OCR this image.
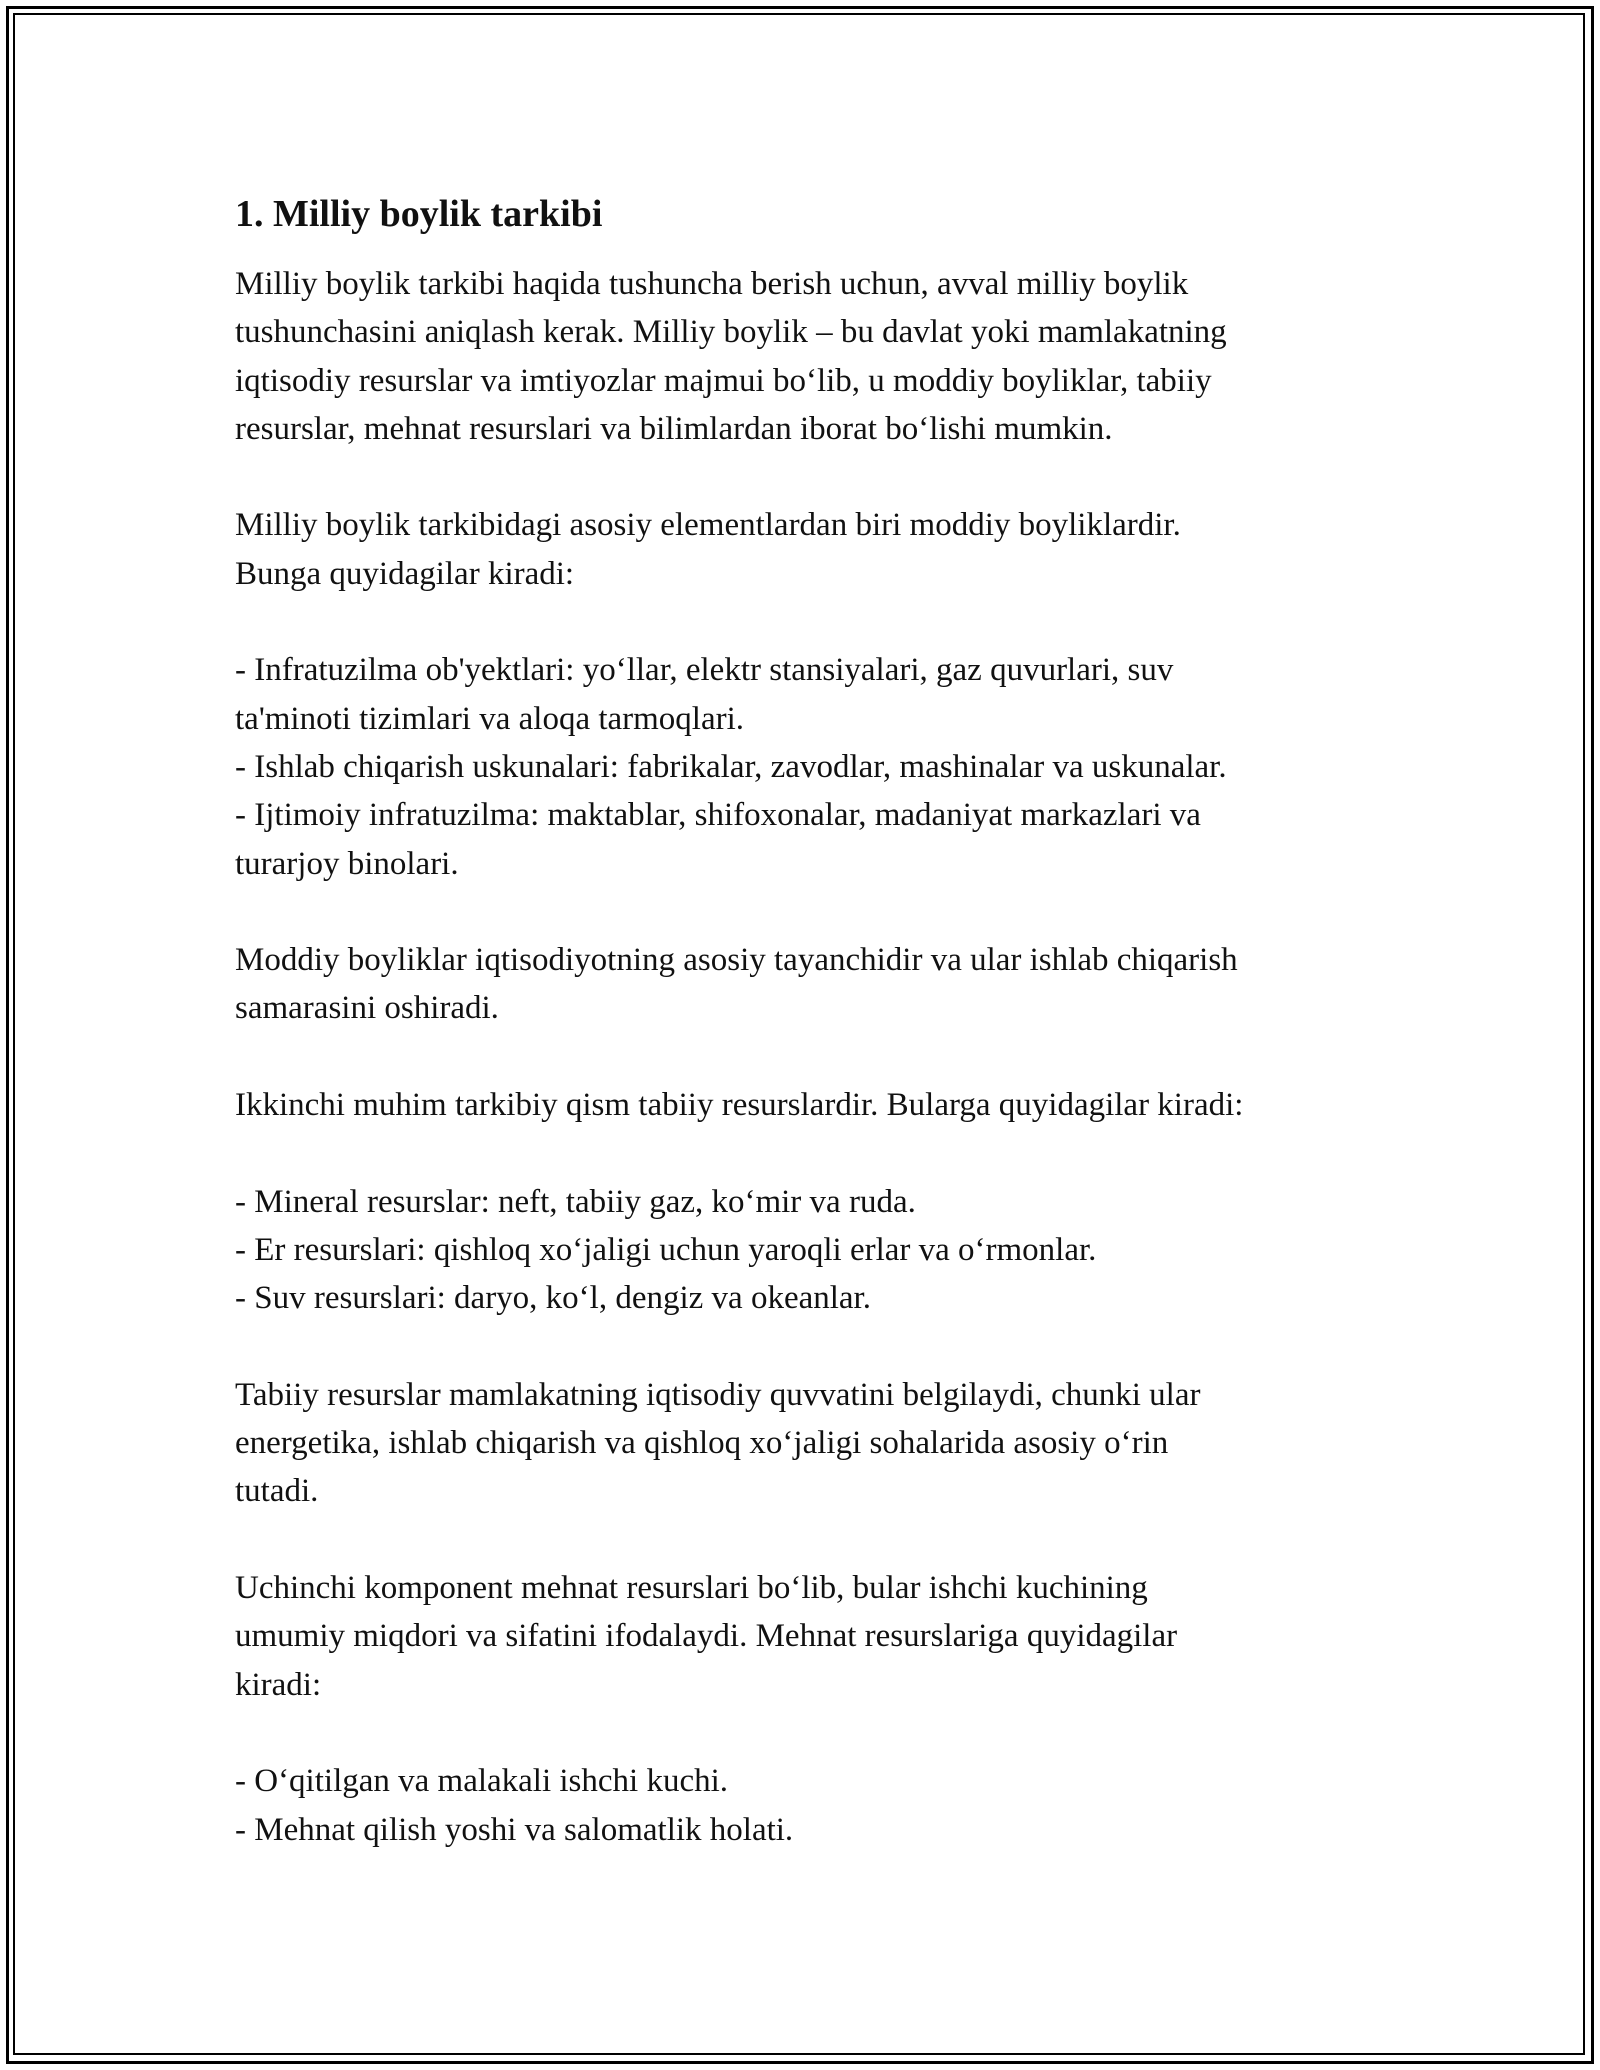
1. Milliy boylik tarkibi

Milliy boylik tarkibi haqida tushuncha berish uchun, avval milliy boylik
tushunchasini aniqlash kerak. Milliy boylik – bu davlat yoki mamlakatning
iqtisodiy resurslar va imtiyozlar majmui bo‘lib, u moddiy boyliklar, tabiiy
resurslar, mehnat resurslari va bilimlardan iborat bo‘lishi mumkin.

Milliy boylik tarkibidagi asosiy elementlardan biri moddiy boyliklardir.
Bunga quyidagilar kiradi:

- Infratuzilma ob'yektlari: yo‘llar, elektr stansiyalari, gaz quvurlari, suv
ta'minoti tizimlari va aloqa tarmoqlari.
- Ishlab chiqarish uskunalari: fabrikalar, zavodlar, mashinalar va uskunalar.
- Ijtimoiy infratuzilma: maktablar, shifoxonalar, madaniyat markazlari va
turarjoy binolari.

Moddiy boyliklar iqtisodiyotning asosiy tayanchidir va ular ishlab chiqarish
samarasini oshiradi.

Ikkinchi muhim tarkibiy qism tabiiy resurslardir. Bularga quyidagilar kiradi:

- Mineral resurslar: neft, tabiiy gaz, ko‘mir va ruda.
- Er resurslari: qishloq xo‘jaligi uchun yaroqli erlar va o‘rmonlar.
- Suv resurslari: daryo, ko‘l, dengiz va okeanlar.

Tabiiy resurslar mamlakatning iqtisodiy quvvatini belgilaydi, chunki ular
energetika, ishlab chiqarish va qishloq xo‘jaligi sohalarida asosiy o‘rin
tutadi.

Uchinchi komponent mehnat resurslari bo‘lib, bular ishchi kuchining
umumiy miqdori va sifatini ifodalaydi. Mehnat resurslariga quyidagilar
kiradi:

- O‘qitilgan va malakali ishchi kuchi.
- Mehnat qilish yoshi va salomatlik holati.
